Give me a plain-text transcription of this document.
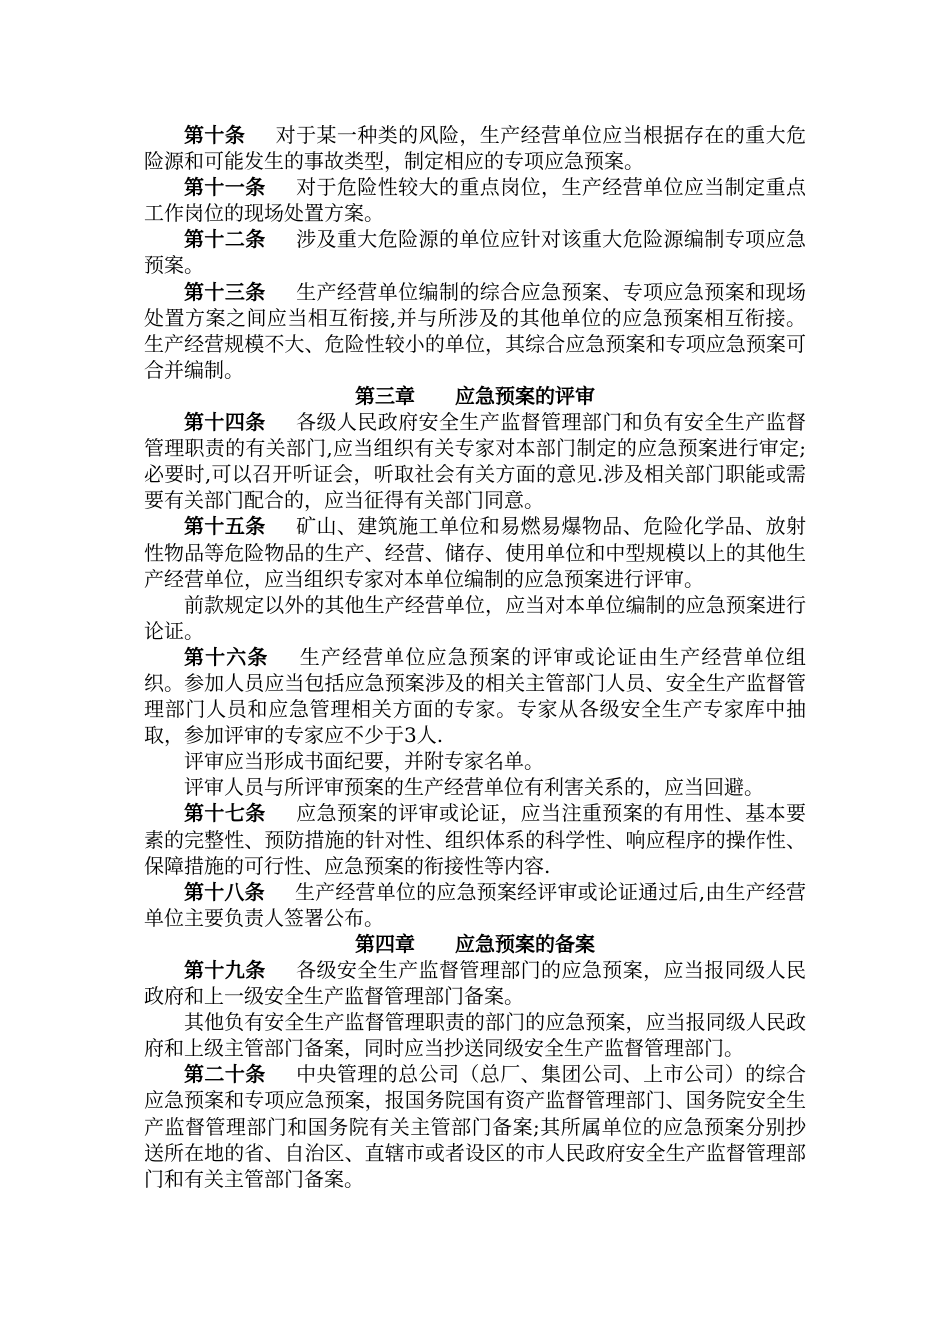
第十条 对于某一种类的风险，生产经营单位应当根据存在的重大危险源和可能发生的事故类型，制定相应的专项应急预案。

第十一条 对于危险性较大的重点岗位，生产经营单位应当制定重点工作岗位的现场处置方案。

第十二条 涉及重大危险源的单位应针对该重大危险源编制专项应急预案。

第十三条 生产经营单位编制的综合应急预案、专项应急预案和现场处置方案之间应当相互衔接,并与所涉及的其他单位的应急预案相互衔接。生产经营规模不大、危险性较小的单位，其综合应急预案和专项应急预案可合并编制。

第三章 应急预案的评审

第十四条 各级人民政府安全生产监督管理部门和负有安全生产监督管理职责的有关部门,应当组织有关专家对本部门制定的应急预案进行审定;必要时,可以召开听证会，听取社会有关方面的意见.涉及相关部门职能或需要有关部门配合的，应当征得有关部门同意。

第十五条 矿山、建筑施工单位和易燃易爆物品、危险化学品、放射性物品等危险物品的生产、经营、储存、使用单位和中型规模以上的其他生产经营单位，应当组织专家对本单位编制的应急预案进行评审。

前款规定以外的其他生产经营单位，应当对本单位编制的应急预案进行论证。

第十六条 生产经营单位应急预案的评审或论证由生产经营单位组织。参加人员应当包括应急预案涉及的相关主管部门人员、安全生产监督管理部门人员和应急管理相关方面的专家。专家从各级安全生产专家库中抽取，参加评审的专家应不少于3人.

评审应当形成书面纪要，并附专家名单。

评审人员与所评审预案的生产经营单位有利害关系的，应当回避。

第十七条 应急预案的评审或论证，应当注重预案的有用性、基本要素的完整性、预防措施的针对性、组织体系的科学性、响应程序的操作性、保障措施的可行性、应急预案的衔接性等内容.

第十八条 生产经营单位的应急预案经评审或论证通过后,由生产经营单位主要负责人签署公布。

第四章 应急预案的备案

第十九条 各级安全生产监督管理部门的应急预案，应当报同级人民政府和上一级安全生产监督管理部门备案。

其他负有安全生产监督管理职责的部门的应急预案，应当报同级人民政府和上级主管部门备案，同时应当抄送同级安全生产监督管理部门。

第二十条 中央管理的总公司（总厂、集团公司、上市公司）的综合应急预案和专项应急预案，报国务院国有资产监督管理部门、国务院安全生产监督管理部门和国务院有关主管部门备案;其所属单位的应急预案分别抄送所在地的省、自治区、直辖市或者设区的市人民政府安全生产监督管理部门和有关主管部门备案。
